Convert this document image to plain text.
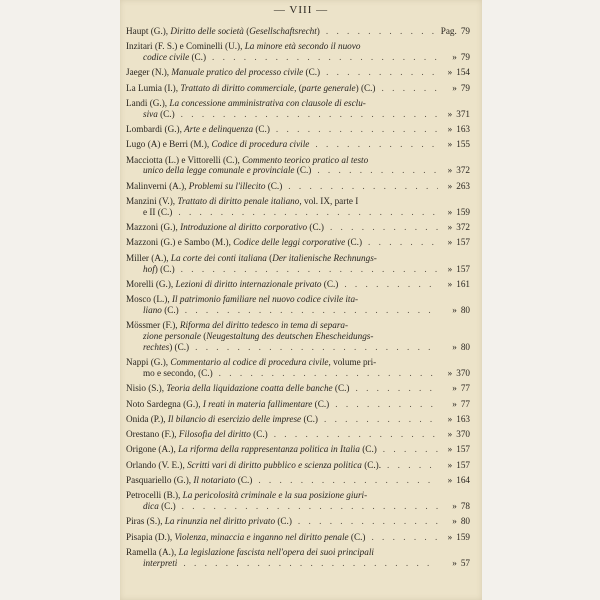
— VIII —
Haupt (G.), Diritto delle società (Gesellschaftsrecht) . . .	Pag. 79
Inzitari (F. S.) e Cominelli (U.), La minore età secondo il nuovo
codice civile (C.) . . .	» 79
Jaeger (N.), Manuale pratico del processo civile (C.) . . .	» 154
La Lumia (I.), Trattato di diritto commerciale, (parte generale) (C.) . . .	» 79
Landi (G.), La concessione amministrativa con clausole di esclu-
siva (C.) . . .	» 371
Lombardi (G.), Arte e delinquenza (C.) . . .	» 163
Lugo (A) e Berri (M.), Codice di procedura civile . . .	» 155
Macciotta (L.) e Vittorelli (C.), Commento teorico pratico al testo
unico della legge comunale e provinciale (C.) . . .	» 372
Malinverni (A.), Problemi su l'illecito (C.) . . .	» 263
Manzini (V.), Trattato di diritto penale italiano, vol. IX, parte I
e II (C.) . . .	» 159
Mazzoni (G.), Introduzione al diritto corporativo (C.) . . .	» 372
Mazzoni (G.) e Sambo (M.), Codice delle leggi corporative (C.) . . .	» 157
Miller (A.), La corte dei conti italiana (Der italienische Rechnungs-
hof) (C.) . . .	» 157
Morelli (G.), Lezioni di diritto internazionale privato (C.) . . .	» 161
Mosco (L.), Il patrimonio familiare nel nuovo codice civile ita-
liano (C.) . . .	» 80
Mössmer (F.), Riforma del diritto tedesco in tema di separa-
zione personale (Neugestaltung des deutschen Ehescheidungs-
rechtes) (C.) . . .	» 80
Nappi (G.), Commentario al codice di procedura civile, volume pri-
mo e secondo, (C.) . . .	» 370
Nisio (S.), Teoria della liquidazione coatta delle banche (C.) . . .	» 77
Noto Sardegna (G.), I reati in materia fallimentare (C.) . . .	» 77
Onida (P.), Il bilancio di esercizio delle imprese (C.) . . .	» 163
Orestano (F.), Filosofia del diritto (C.) . . .	» 370
Origone (A.), La riforma della rappresentanza politica in Italia (C.) . . .	» 157
Orlando (V. E.), Scritti vari di diritto pubblico e scienza politica (C.). . . .	» 157
Pasquariello (G.), Il notariato (C.) . . .	» 164
Petrocelli (B.), La pericolosità criminale e la sua posizione giuri-
dica (C.) . . .	» 78
Piras (S.), La rinunzia nel diritto privato (C.) . . .	» 80
Pisapia (D.), Violenza, minaccia e inganno nel diritto penale (C.) . . .	» 159
Ramella (A.), La legislazione fascista nell'opera dei suoi principali
interpreti . . .	» 57
